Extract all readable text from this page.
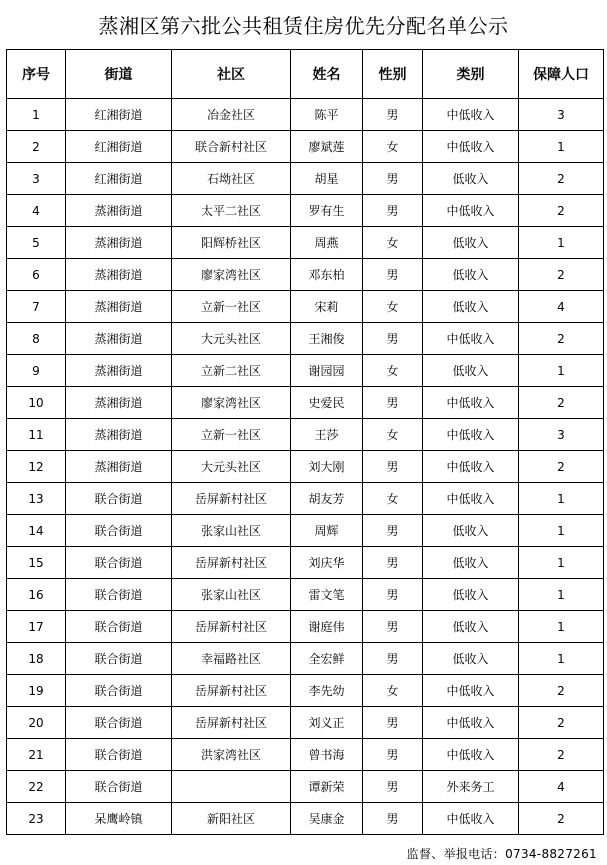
蒸湘区第六批公共租赁住房优先分配名单公示
序号	街道	社区	姓名	性别	类别	保障人口
1	红湘街道	冶金社区	陈平	男	中低收入	3
2	红湘街道	联合新村社区	廖斌莲	女	中低收入	1
3	红湘街道	石坳社区	胡星	男	低收入	2
4	蒸湘街道	太平二社区	罗有生	男	中低收入	2
5	蒸湘街道	阳辉桥社区	周燕	女	低收入	1
6	蒸湘街道	廖家湾社区	邓东柏	男	低收入	2
7	蒸湘街道	立新一社区	宋莉	女	低收入	4
8	蒸湘街道	大元头社区	王湘俊	男	中低收入	2
9	蒸湘街道	立新二社区	谢园园	女	低收入	1
10	蒸湘街道	廖家湾社区	史爱民	男	中低收入	2
11	蒸湘街道	立新一社区	王莎	女	中低收入	3
12	蒸湘街道	大元头社区	刘大刚	男	中低收入	2
13	联合街道	岳屏新村社区	胡友芳	女	中低收入	1
14	联合街道	张家山社区	周辉	男	低收入	1
15	联合街道	岳屏新村社区	刘庆华	男	低收入	1
16	联合街道	张家山社区	雷文笔	男	低收入	1
17	联合街道	岳屏新村社区	谢庭伟	男	低收入	1
18	联合街道	幸福路社区	全宏鲜	男	低收入	1
19	联合街道	岳屏新村社区	李先幼	女	中低收入	2
20	联合街道	岳屏新村社区	刘义正	男	中低收入	2
21	联合街道	洪家湾社区	曾书海	男	中低收入	2
22	联合街道		谭新荣	男	外来务工	4
23	呆鹰岭镇	新阳社区	吴康金	男	中低收入	2
监督、举报电话：0734-8827261
